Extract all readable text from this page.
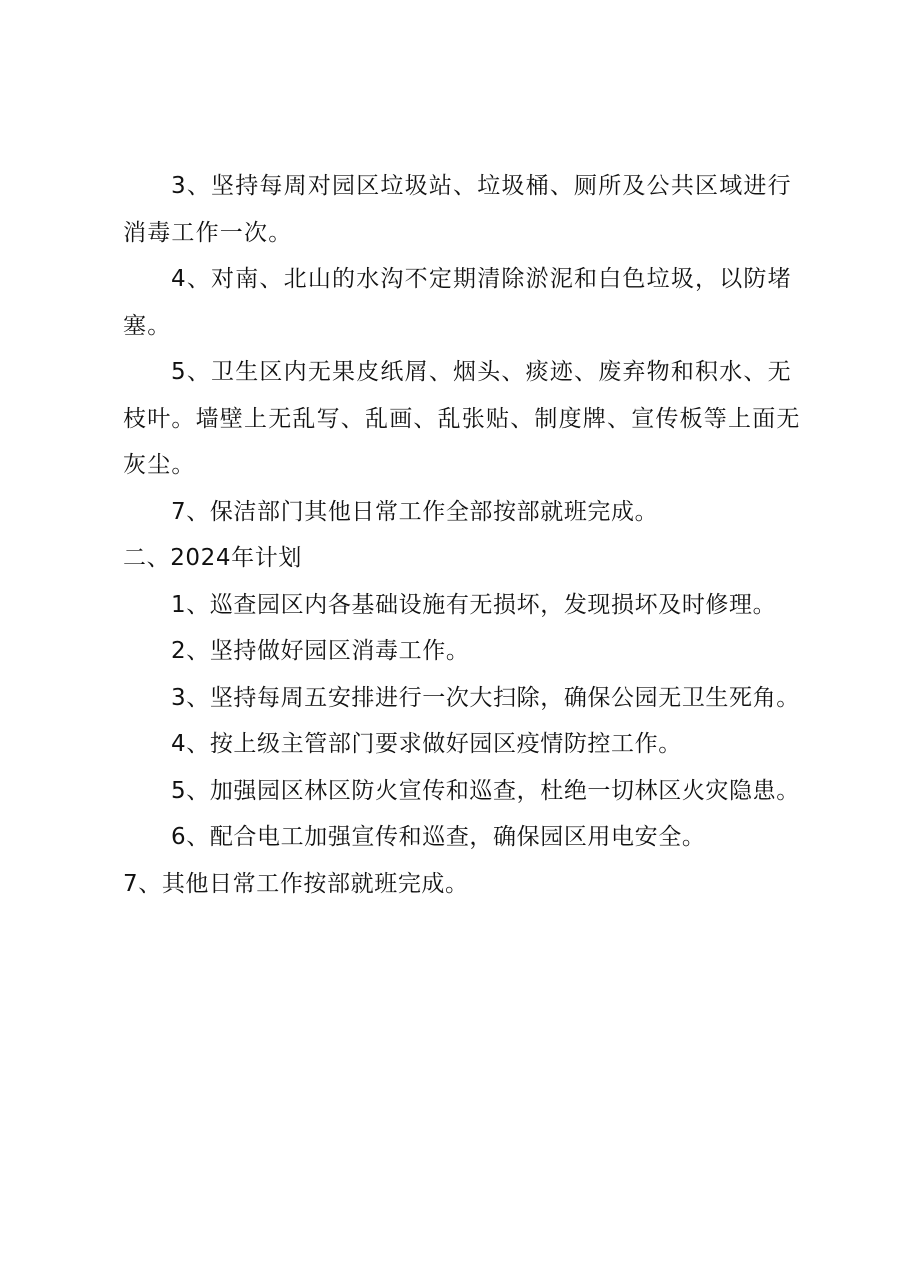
3、坚持每周对园区垃圾站、垃圾桶、厕所及公共区域进行消毒工作一次。

4、对南、北山的水沟不定期清除淤泥和白色垃圾，以防堵塞。

5、卫生区内无果皮纸屑、烟头、痰迹、废弃物和积水、无枝叶。墙壁上无乱写、乱画、乱张贴、制度牌、宣传板等上面无灰尘。

7、保洁部门其他日常工作全部按部就班完成。

二、2024年计划

1、巡查园区内各基础设施有无损坏，发现损坏及时修理。

2、坚持做好园区消毒工作。

3、坚持每周五安排进行一次大扫除，确保公园无卫生死角。

4、按上级主管部门要求做好园区疫情防控工作。

5、加强园区林区防火宣传和巡查，杜绝一切林区火灾隐患。

6、配合电工加强宣传和巡查，确保园区用电安全。

7、其他日常工作按部就班完成。
